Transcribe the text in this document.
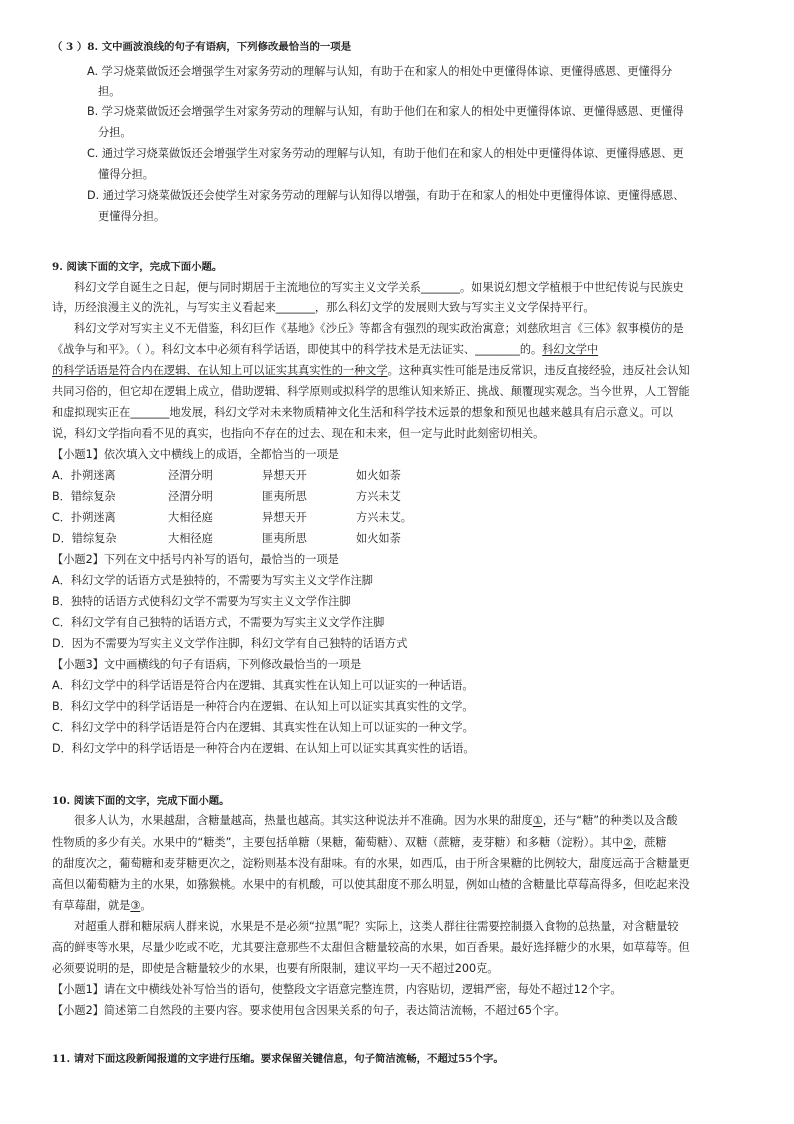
（ 3 ）8. 文中画波浪线的句子有语病，下列修改最恰当的一项是
A. 学习烧菜做饭还会增强学生对家务劳动的理解与认知，有助于在和家人的相处中更懂得体谅、更懂得感恩、更懂得分
担。
B. 学习烧菜做饭还会增强学生对家务劳动的理解与认知，有助于他们在和家人的相处中更懂得体谅、更懂得感恩、更懂得
分担。
C. 通过学习烧菜做饭还会增强学生对家务劳动的理解与认知，有助于他们在和家人的相处中更懂得体谅、更懂得感恩、更
懂得分担。
D. 通过学习烧菜做饭还会使学生对家务劳动的理解与认知得以增强，有助于在和家人的相处中更懂得体谅、更懂得感恩、
更懂得分担。
9. 阅读下面的文字，完成下面小题。
科幻文学自诞生之日起，便与同时期居于主流地位的写实主义文学关系_______。如果说幻想文学植根于中世纪传说与民族史
诗，历经浪漫主义的洗礼，与写实主义看起来_______，那么科幻文学的发展则大致与写实主义文学保持平行。
科幻文学对写实主义不无借鉴，科幻巨作《基地》《沙丘》等都含有强烈的现实政治寓意；刘慈欣坦言《三体》叙事模仿的是
《战争与和平》。（ ）。科幻文本中必须有科学话语，即使其中的科学技术是无法证实、________的。科幻文学中
的科学话语是符合内在逻辑、在认知上可以证实其真实性的一种文学。这种真实性可能是违反常识，违反直接经验，违反社会认知
共同习俗的，但它却在逻辑上成立，借助逻辑、科学原则或拟科学的思维认知来矫正、挑战、颠覆现实观念。当今世界，人工智能
和虚拟现实正在_______地发展，科幻文学对未来物质精神文化生活和科学技术远景的想象和预见也越来越具有启示意义。可以
说，科幻文学指向看不见的真实，也指向不存在的过去、现在和未来，但一定与此时此刻密切相关。
【小题1】依次填入文中横线上的成语，全都恰当的一项是
A．扑朔迷离	泾渭分明	异想天开	如火如荼
B．错综复杂	泾渭分明	匪夷所思	方兴未艾
C．扑朔迷离	大相径庭	异想天开	方兴未艾。
D．错综复杂	大相径庭	匪夷所思	如火如荼
【小题2】下列在文中括号内补写的语句，最恰当的一项是
A．科幻文学的话语方式是独特的，不需要为写实主义文学作注脚
B．独特的话语方式使科幻文学不需要为写实主义文学作注脚
C．科幻文学有自己独特的话语方式，不需要为写实主义文学作注脚
D．因为不需要为写实主义文学作注脚，科幻文学有自己独特的话语方式
【小题3】文中画横线的句子有语病，下列修改最恰当的一项是
A．科幻文学中的科学话语是符合内在逻辑、其真实性在认知上可以证实的一种话语。
B．科幻文学中的科学话语是一种符合内在逻辑、在认知上可以证实其真实性的文学。
C．科幻文学中的科学话语是符合内在逻辑、其真实性在认知上可以证实的一种文学。
D．科幻文学中的科学话语是一种符合内在逻辑、在认知上可以证实其真实性的话语。
10. 阅读下面的文字，完成下面小题。
很多人认为，水果越甜，含糖量越高，热量也越高。其实这种说法并不准确。因为水果的甜度①，还与“糖”的种类以及含酸
性物质的多少有关。水果中的“糖类”，主要包括单糖（果糖，葡萄糖）、双糖（蔗糖，麦芽糖）和多糖（淀粉）。其中②，蔗糖
的甜度次之，葡萄糖和麦芽糖更次之，淀粉则基本没有甜味。有的水果，如西瓜，由于所含果糖的比例较大，甜度远高于含糖量更
高但以葡萄糖为主的水果，如猕猴桃。水果中的有机酸，可以使其甜度不那么明显，例如山楂的含糖量比草莓高得多，但吃起来没
有草莓甜，就是③。
对超重人群和糖尿病人群来说，水果是不是必须“拉黑”呢？实际上，这类人群往往需要控制摄入食物的总热量，对含糖量较
高的鲜枣等水果，尽量少吃或不吃，尤其要注意那些不太甜但含糖量较高的水果，如百香果。最好选择糖少的水果，如草莓等。但
必须要说明的是，即使是含糖量较少的水果，也要有所限制，建议平均一天不超过200克。
【小题1】请在文中横线处补写恰当的语句，使整段文字语意完整连贯，内容贴切，逻辑严密，每处不超过12个字。
【小题2】简述第二自然段的主要内容。要求使用包含因果关系的句子，表达简洁流畅，不超过65个字。
11. 请对下面这段新闻报道的文字进行压缩。要求保留关键信息，句子简洁流畅，不超过55个字。
